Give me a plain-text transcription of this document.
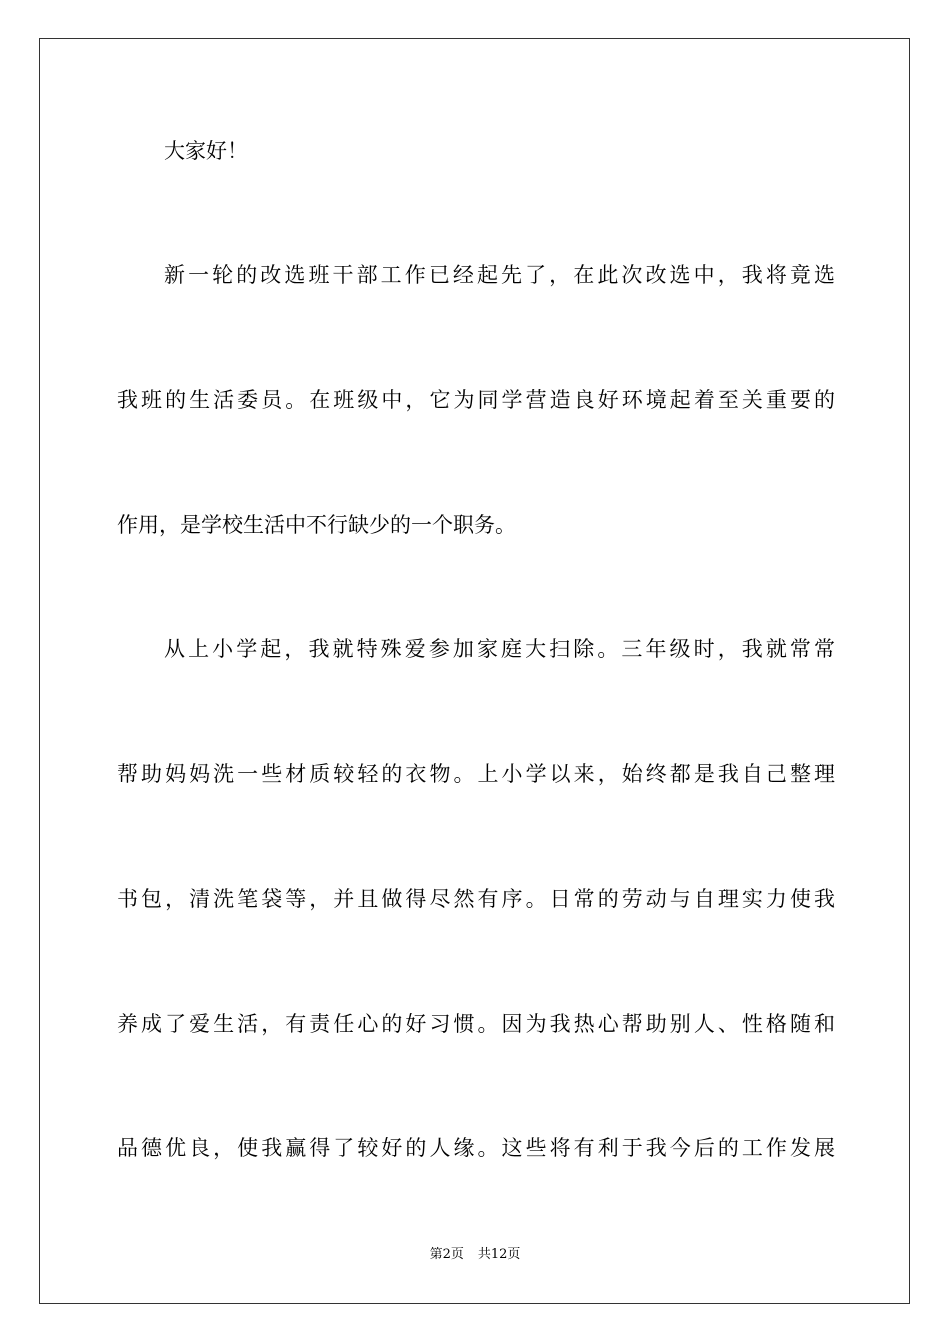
大家好！
新一轮的改选班干部工作已经起先了，在此次改选中，我将竟选
我班的生活委员。在班级中，它为同学营造良好环境起着至关重要的
作用，是学校生活中不行缺少的一个职务。
从上小学起，我就特殊爱参加家庭大扫除。三年级时，我就常常
帮助妈妈洗一些材质较轻的衣物。上小学以来，始终都是我自己整理
书包，清洗笔袋等，并且做得尽然有序。日常的劳动与自理实力使我
养成了爱生活，有责任心的好习惯。因为我热心帮助别人、性格随和
品德优良，使我赢得了较好的人缘。这些将有利于我今后的工作发展
第2页 共12页
